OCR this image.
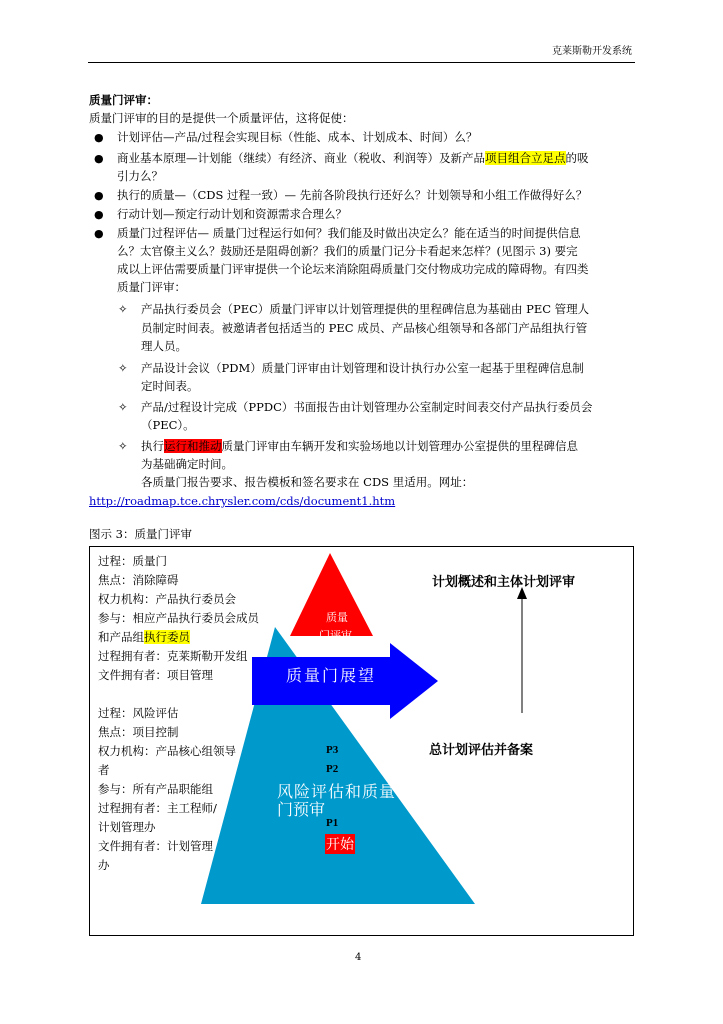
克莱斯勒开发系统
质量门评审：
质量门评审的目的是提供一个质量评估，这将促使：
● 计划评估—产品/过程会实现目标（性能、成本、计划成本、时间）么？
● 商业基本原理—计划能（继续）有经济、商业（税收、利润等）及新产品项目组合立足点的吸
引力么？
● 执行的质量—（CDS 过程一致）— 先前各阶段执行还好么？计划领导和小组工作做得好么？
● 行动计划—预定行动计划和资源需求合理么？
● 质量门过程评估— 质量门过程运行如何？我们能及时做出决定么？能在适当的时间提供信息
么？太官僚主义么？鼓励还是阻碍创新？我们的质量门记分卡看起来怎样？(见图示 3) 要完
成以上评估需要质量门评审提供一个论坛来消除阻碍质量门交付物成功完成的障碍物。有四类
质量门评审：
✧ 产品执行委员会（PEC）质量门评审以计划管理提供的里程碑信息为基础由 PEC 管理人
员制定时间表。被邀请者包括适当的 PEC 成员、产品核心组领导和各部门产品组执行管
理人员。
✧ 产品设计会议（PDM）质量门评审由计划管理和设计执行办公室一起基于里程碑信息制
定时间表。
✧ 产品/过程设计完成（PPDC）书面报告由计划管理办公室制定时间表交付产品执行委员会
（PEC）。
✧ 执行运行和推动质量门评审由车辆开发和实验场地以计划管理办公室提供的里程碑信息
为基础确定时间。
各质量门报告要求、报告模板和签名要求在 CDS 里适用。网址：
http://roadmap.tce.chrysler.com/cds/document1.htm
图示 3：质量门评审
过程：质量门
焦点：消除障碍
权力机构：产品执行委员会
参与：相应产品执行委员会成员
和产品组执行委员
过程拥有者：克莱斯勒开发组
文件拥有者：项目管理
过程：风险评估
焦点：项目控制
权力机构：产品核心组领导
者
参与：所有产品职能组
过程拥有者：主工程师/
计划管理办
文件拥有者：计划管理
办
质量
门评审
质量门展望
P3
P2
风险评估和质量
门预审
P1
开始
计划概述和主体计划评审
总计划评估并备案
4
